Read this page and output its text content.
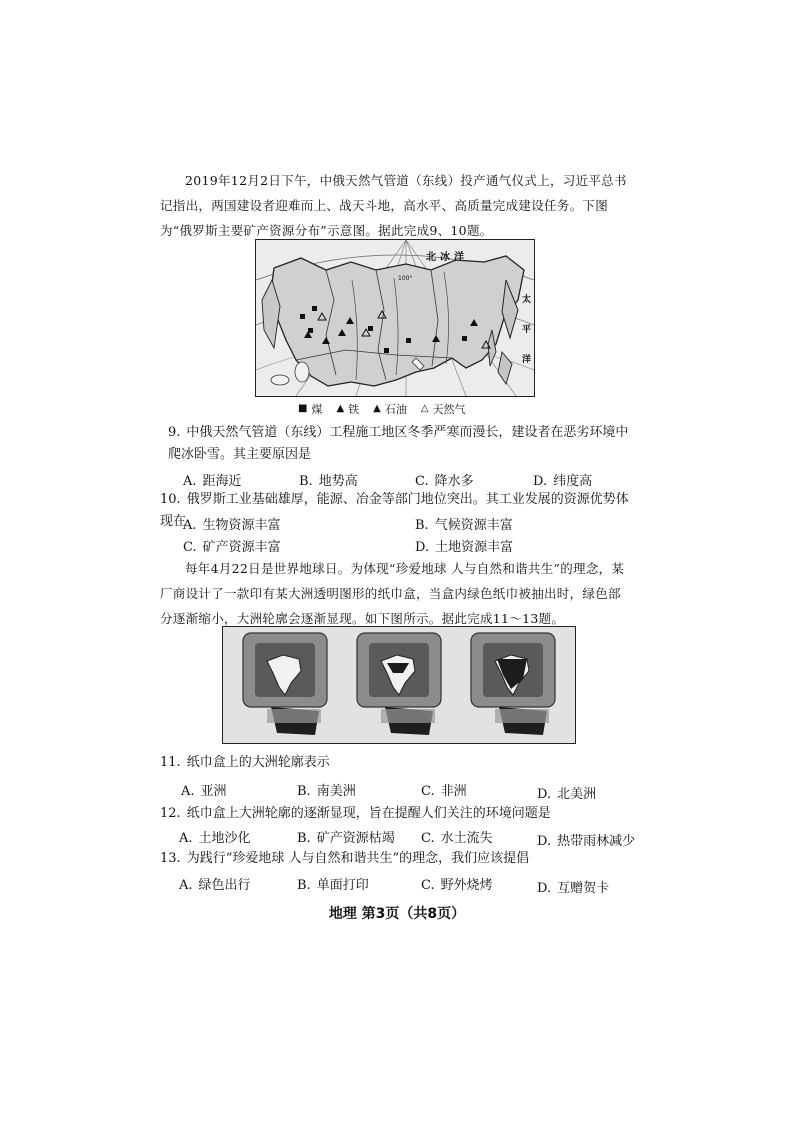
2019年12月2日下午，中俄天然气管道（东线）投产通气仪式上，习近平总书记指出，两国建设者迎难而上、战天斗地，高水平、高质量完成建设任务。下图为“俄罗斯主要矿产资源分布”示意图。据此完成9、10题。

北冰洋
100°
太
平
洋
■ 煤 ▲ 铁 ▲ 石油 △ 天然气

9. 中俄天然气管道（东线）工程施工地区冬季严寒而漫长，建设者在恶劣环境中爬冰卧雪。其主要原因是

A. 距海近	B. 地势高	C. 降水多	D. 纬度高

10. 俄罗斯工业基础雄厚，能源、冶金等部门地位突出。其工业发展的资源优势体现在

A. 生物资源丰富	B. 气候资源丰富
C. 矿产资源丰富	D. 土地资源丰富

每年4月22日是世界地球日。为体现“珍爱地球 人与自然和谐共生”的理念，某厂商设计了一款印有某大洲透明图形的纸巾盒，当盒内绿色纸巾被抽出时，绿色部分逐渐缩小，大洲轮廓会逐渐显现。如下图所示。据此完成11～13题。

11. 纸巾盒上的大洲轮廓表示

A. 亚洲	B. 南美洲	C. 非洲	D. 北美洲

12. 纸巾盒上大洲轮廓的逐渐显现，旨在提醒人们关注的环境问题是

A. 土地沙化	B. 矿产资源枯竭 C. 水土流失	D. 热带雨林减少

13. 为践行“珍爱地球 人与自然和谐共生”的理念，我们应该提倡

A. 绿色出行	B. 单面打印	C. 野外烧烤	D. 互赠贺卡
地理 第3页（共8页）
